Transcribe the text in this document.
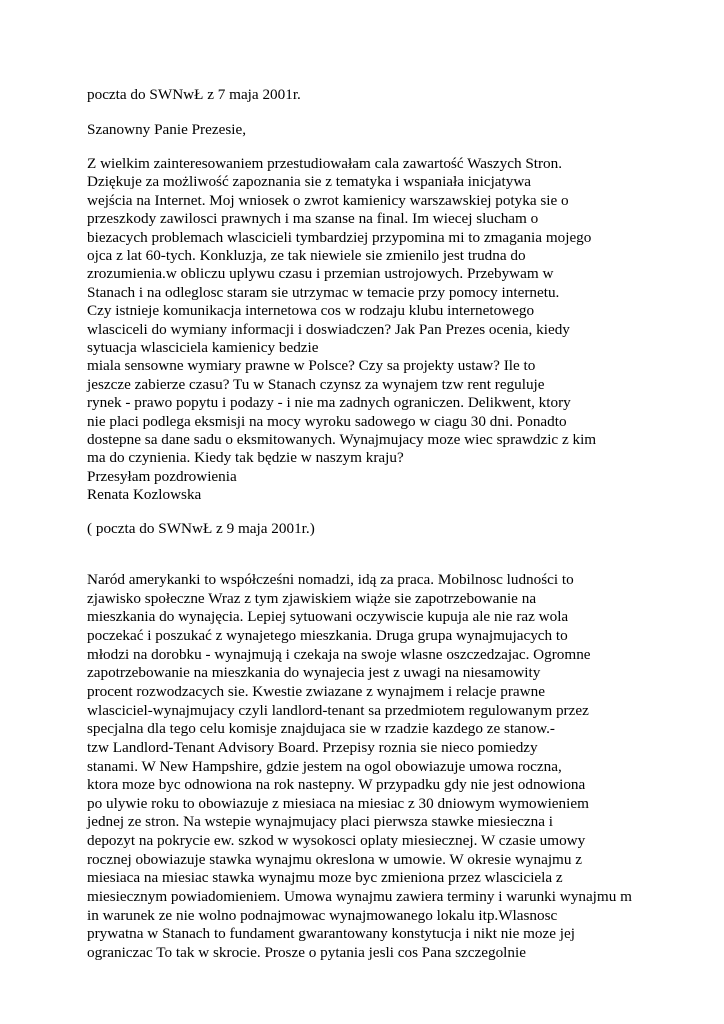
poczta do SWNwŁ z 7 maja 2001r.
Szanowny Panie Prezesie,
Z wielkim zainteresowaniem przestudiowałam cala zawartość Waszych Stron.
Dziękuje za możliwość zapoznania sie z tematyka i wspaniała inicjatywa
wejścia na Internet. Moj wniosek o zwrot kamienicy warszawskiej potyka sie o
przeszkody zawilosci prawnych i ma szanse na final. Im wiecej slucham o
biezacych problemach wlascicieli tymbardziej przypomina mi to zmagania mojego
ojca z lat 60-tych. Konkluzja, ze tak niewiele sie zmienilo jest trudna do
zrozumienia.w obliczu uplywu czasu i przemian ustrojowych. Przebywam w
Stanach i na odleglosc staram sie utrzymac w temacie przy pomocy internetu.
Czy istnieje komunikacja internetowa cos w rodzaju klubu internetowego
wlasciceli do wymiany informacji i doswiadczen? Jak Pan Prezes ocenia, kiedy
sytuacja wlasciciela kamienicy bedzie
miala sensowne wymiary prawne w Polsce? Czy sa projekty ustaw? Ile to
jeszcze zabierze czasu? Tu w Stanach czynsz za wynajem tzw rent reguluje
rynek - prawo popytu i podazy - i nie ma zadnych ograniczen. Delikwent, ktory
nie placi podlega eksmisji na mocy wyroku sadowego w ciagu 30 dni. Ponadto
dostepne sa dane sadu o eksmitowanych. Wynajmujacy moze wiec sprawdzic z kim
ma do czynienia. Kiedy tak będzie w naszym kraju?
Przesyłam pozdrowienia
Renata Kozlowska
( poczta do SWNwŁ z 9 maja 2001r.)
Naród amerykanki to współcześni nomadzi, idą za praca. Mobilnosc ludności to
zjawisko społeczne Wraz z tym zjawiskiem wiąże sie zapotrzebowanie na
mieszkania do wynajęcia. Lepiej sytuowani oczywiscie kupuja ale nie raz wola
poczekać i poszukać z wynajetego mieszkania. Druga grupa wynajmujacych to
młodzi na dorobku - wynajmują i czekaja na swoje wlasne oszczedzajac. Ogromne
zapotrzebowanie na mieszkania do wynajecia jest z uwagi na niesamowity
procent rozwodzacych sie. Kwestie zwiazane z wynajmem i relacje prawne
wlasciciel-wynajmujacy czyli landlord-tenant sa przedmiotem regulowanym przez
specjalna dla tego celu komisje znajdujaca sie w rzadzie kazdego ze stanow.-
tzw Landlord-Tenant Advisory Board. Przepisy roznia sie nieco pomiedzy
stanami. W New Hampshire, gdzie jestem na ogol obowiazuje umowa roczna,
ktora moze byc odnowiona na rok nastepny. W przypadku gdy nie jest odnowiona
po ulywie roku to obowiazuje z miesiaca na miesiac z 30 dniowym wymowieniem
jednej ze stron. Na wstepie wynajmujacy placi pierwsza stawke miesieczna i
depozyt na pokrycie ew. szkod w wysokosci oplaty miesiecznej. W czasie umowy
rocznej obowiazuje stawka wynajmu okreslona w umowie. W okresie wynajmu z
miesiaca na miesiac stawka wynajmu moze byc zmieniona przez wlasciciela z
miesiecznym powiadomieniem. Umowa wynajmu zawiera terminy i warunki wynajmu m
in warunek ze nie wolno podnajmowac wynajmowanego lokalu itp.Wlasnosc
prywatna w Stanach to fundament gwarantowany konstytucja i nikt nie moze jej
ograniczac To tak w skrocie. Prosze o pytania jesli cos Pana szczegolnie
